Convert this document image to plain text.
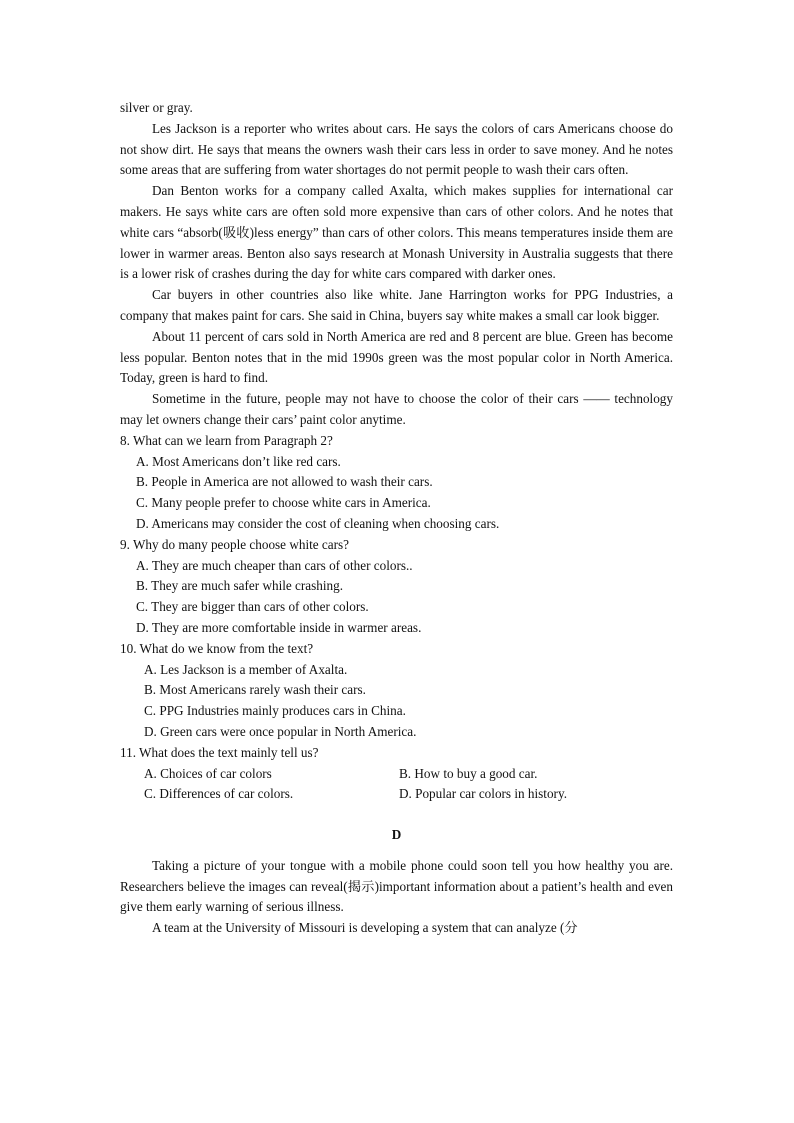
silver or gray.

Les Jackson is a reporter who writes about cars. He says the colors of cars Americans choose do not show dirt. He says that means the owners wash their cars less in order to save money. And he notes some areas that are suffering from water shortages do not permit people to wash their cars often.

Dan Benton works for a company called Axalta, which makes supplies for international car makers. He says white cars are often sold more expensive than cars of other colors. And he notes that white cars “absorb(吸收)less energy” than cars of other colors. This means temperatures inside them are lower in warmer areas. Benton also says research at Monash University in Australia suggests that there is a lower risk of crashes during the day for white cars compared with darker ones.

Car buyers in other countries also like white. Jane Harrington works for PPG Industries, a company that makes paint for cars. She said in China, buyers say white makes a small car look bigger.

About 11 percent of cars sold in North America are red and 8 percent are blue. Green has become less popular. Benton notes that in the mid 1990s green was the most popular color in North America. Today, green is hard to find.

Sometime in the future, people may not have to choose the color of their cars —— technology may let owners change their cars’ paint color anytime.

8. What can we learn from Paragraph 2?

A. Most Americans don’t like red cars.

B. People in America are not allowed to wash their cars.

C. Many people prefer to choose white cars in America.

D. Americans may consider the cost of cleaning when choosing cars.

9. Why do many people choose white cars?

A. They are much cheaper than cars of other colors..

B. They are much safer while crashing.

C. They are bigger than cars of other colors.

D. They are more comfortable inside in warmer areas.

10. What do we know from the text?

A. Les Jackson is a member of Axalta.

B. Most Americans rarely wash their cars.

C. PPG Industries mainly produces cars in China.

D. Green cars were once popular in North America.

11. What does the text mainly tell us?

A. Choices of car colors	B. How to buy a good car.
C. Differences of car colors.	D. Popular car colors in history.
D

Taking a picture of your tongue with a mobile phone could soon tell you how healthy you are. Researchers believe the images can reveal(揭示)important information about a patient’s health and even give them early warning of serious illness.

A team at the University of Missouri is developing a system that can analyze (分
